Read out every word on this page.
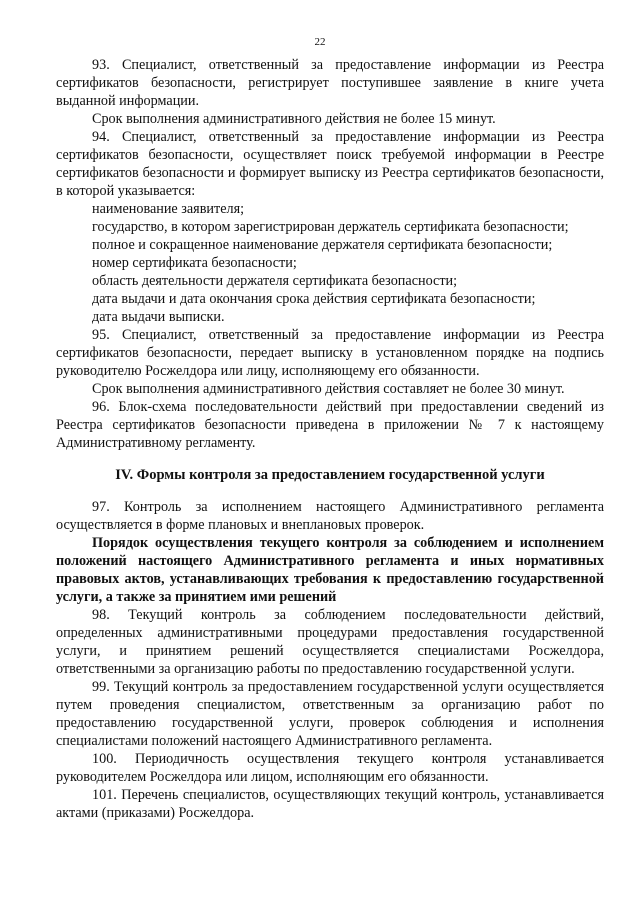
22

93. Специалист, ответственный за предоставление информации из Реестра сертификатов безопасности, регистрирует поступившее заявление в книге учета выданной информации.

Срок выполнения административного действия не более 15 минут.

94. Специалист, ответственный за предоставление информации из Реестра сертификатов безопасности, осуществляет поиск требуемой информации в Реестре сертификатов безопасности и формирует выписку из Реестра сертификатов безопасности, в которой указывается:

наименование заявителя;

государство, в котором зарегистрирован держатель сертификата безопасности;

полное и сокращенное наименование держателя сертификата безопасности;

номер сертификата безопасности;

область деятельности держателя сертификата безопасности;

дата выдачи и дата окончания срока действия сертификата безопасности;

дата выдачи выписки.

95. Специалист, ответственный за предоставление информации из Реестра сертификатов безопасности, передает выписку в установленном порядке на подпись руководителю Росжелдора или лицу, исполняющему его обязанности.

Срок выполнения административного действия составляет не более 30 минут.

96. Блок-схема последовательности действий при предоставлении сведений из Реестра сертификатов безопасности приведена в приложении № 7 к настоящему Административному регламенту.

IV. Формы контроля за предоставлением государственной услуги

97. Контроль за исполнением настоящего Административного регламента осуществляется в форме плановых и внеплановых проверок.

Порядок осуществления текущего контроля за соблюдением и исполнением положений настоящего Административного регламента и иных нормативных правовых актов, устанавливающих требования к предоставлению государственной услуги, а также за принятием ими решений

98. Текущий контроль за соблюдением последовательности действий, определенных административными процедурами предоставления государственной услуги, и принятием решений осуществляется специалистами Росжелдора, ответственными за организацию работы по предоставлению государственной услуги.

99. Текущий контроль за предоставлением государственной услуги осуществляется путем проведения специалистом, ответственным за организацию работ по предоставлению государственной услуги, проверок соблюдения и исполнения специалистами положений настоящего Административного регламента.

100. Периодичность осуществления текущего контроля устанавливается руководителем Росжелдора или лицом, исполняющим его обязанности.

101. Перечень специалистов, осуществляющих текущий контроль, устанавливается актами (приказами) Росжелдора.
